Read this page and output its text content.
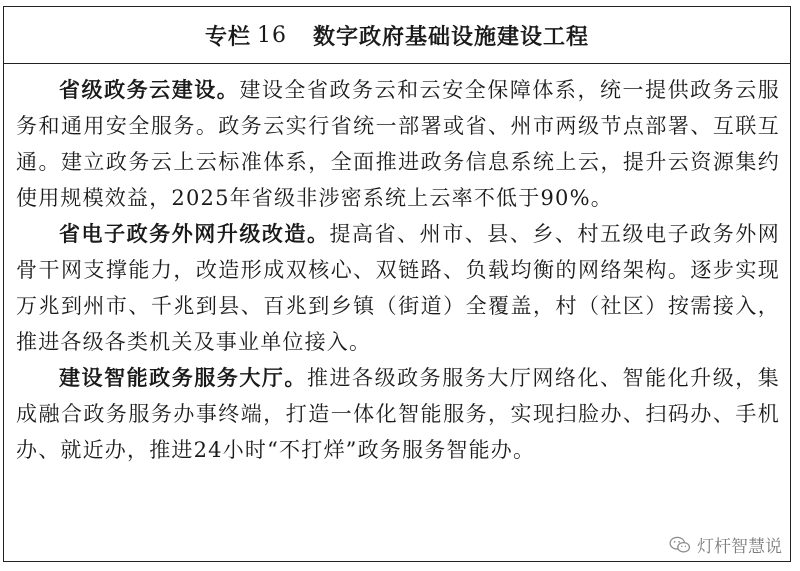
专栏 16 数字政府基础设施建设工程

省级政务云建设。建设全省政务云和云安全保障体系，统一提供政务云服务和通用安全服务。政务云实行省统一部署或省、州市两级节点部署、互联互通。建立政务云上云标准体系，全面推进政务信息系统上云，提升云资源集约使用规模效益，2025年省级非涉密系统上云率不低于90%。

省电子政务外网升级改造。提高省、州市、县、乡、村五级电子政务外网骨干网支撑能力，改造形成双核心、双链路、负载均衡的网络架构。逐步实现万兆到州市、千兆到县、百兆到乡镇（街道）全覆盖，村（社区）按需接入，推进各级各类机关及事业单位接入。

建设智能政务服务大厅。推进各级政务服务大厅网络化、智能化升级，集成融合政务服务办事终端，打造一体化智能服务，实现扫脸办、扫码办、手机办、就近办，推进24小时“不打烊”政务服务智能办。

灯杆智慧说
